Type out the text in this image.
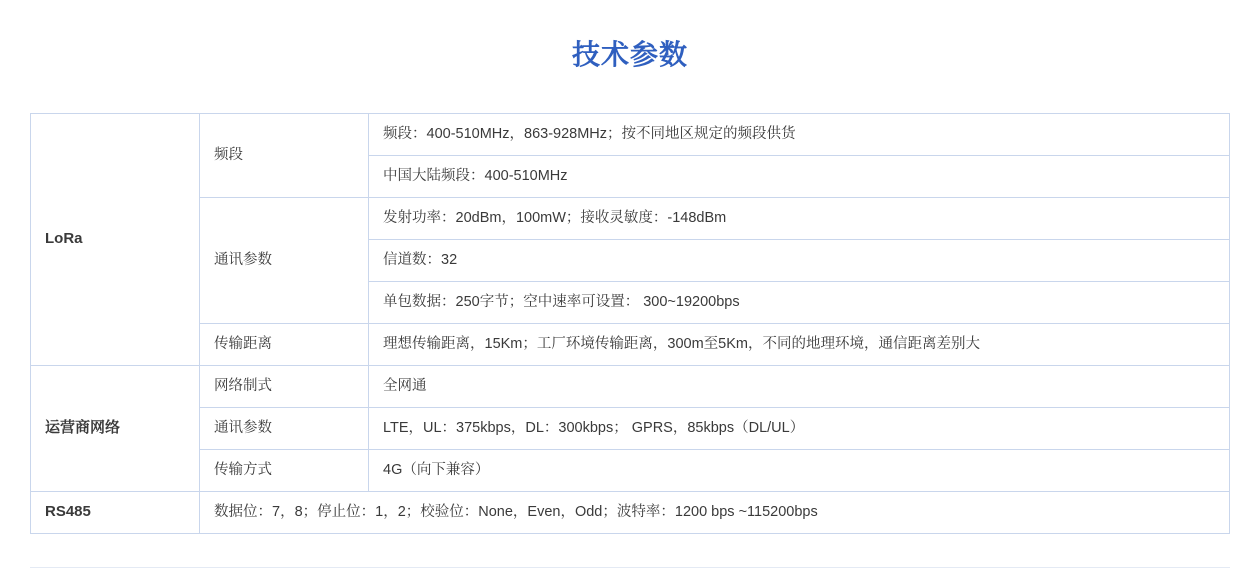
技术参数
LoRa	频段	频段：400-510MHz，863-928MHz；按不同地区规定的频段供货
		中国大陆频段：400-510MHz
	通讯参数	发射功率：20dBm，100mW；接收灵敏度：-148dBm
		信道数：32
		单包数据：250字节；空中速率可设置： 300~19200bps
	传输距离	理想传输距离，15Km；工厂环境传输距离，300m至5Km，不同的地理环境，通信距离差别大
运营商网络	网络制式	全网通
	通讯参数	LTE，UL：375kbps，DL：300kbps； GPRS，85kbps（DL/UL）
	传输方式	4G（向下兼容）
RS485	数据位：7，8；停止位：1，2；校验位：None，Even，Odd；波特率：1200 bps ~115200bps	
